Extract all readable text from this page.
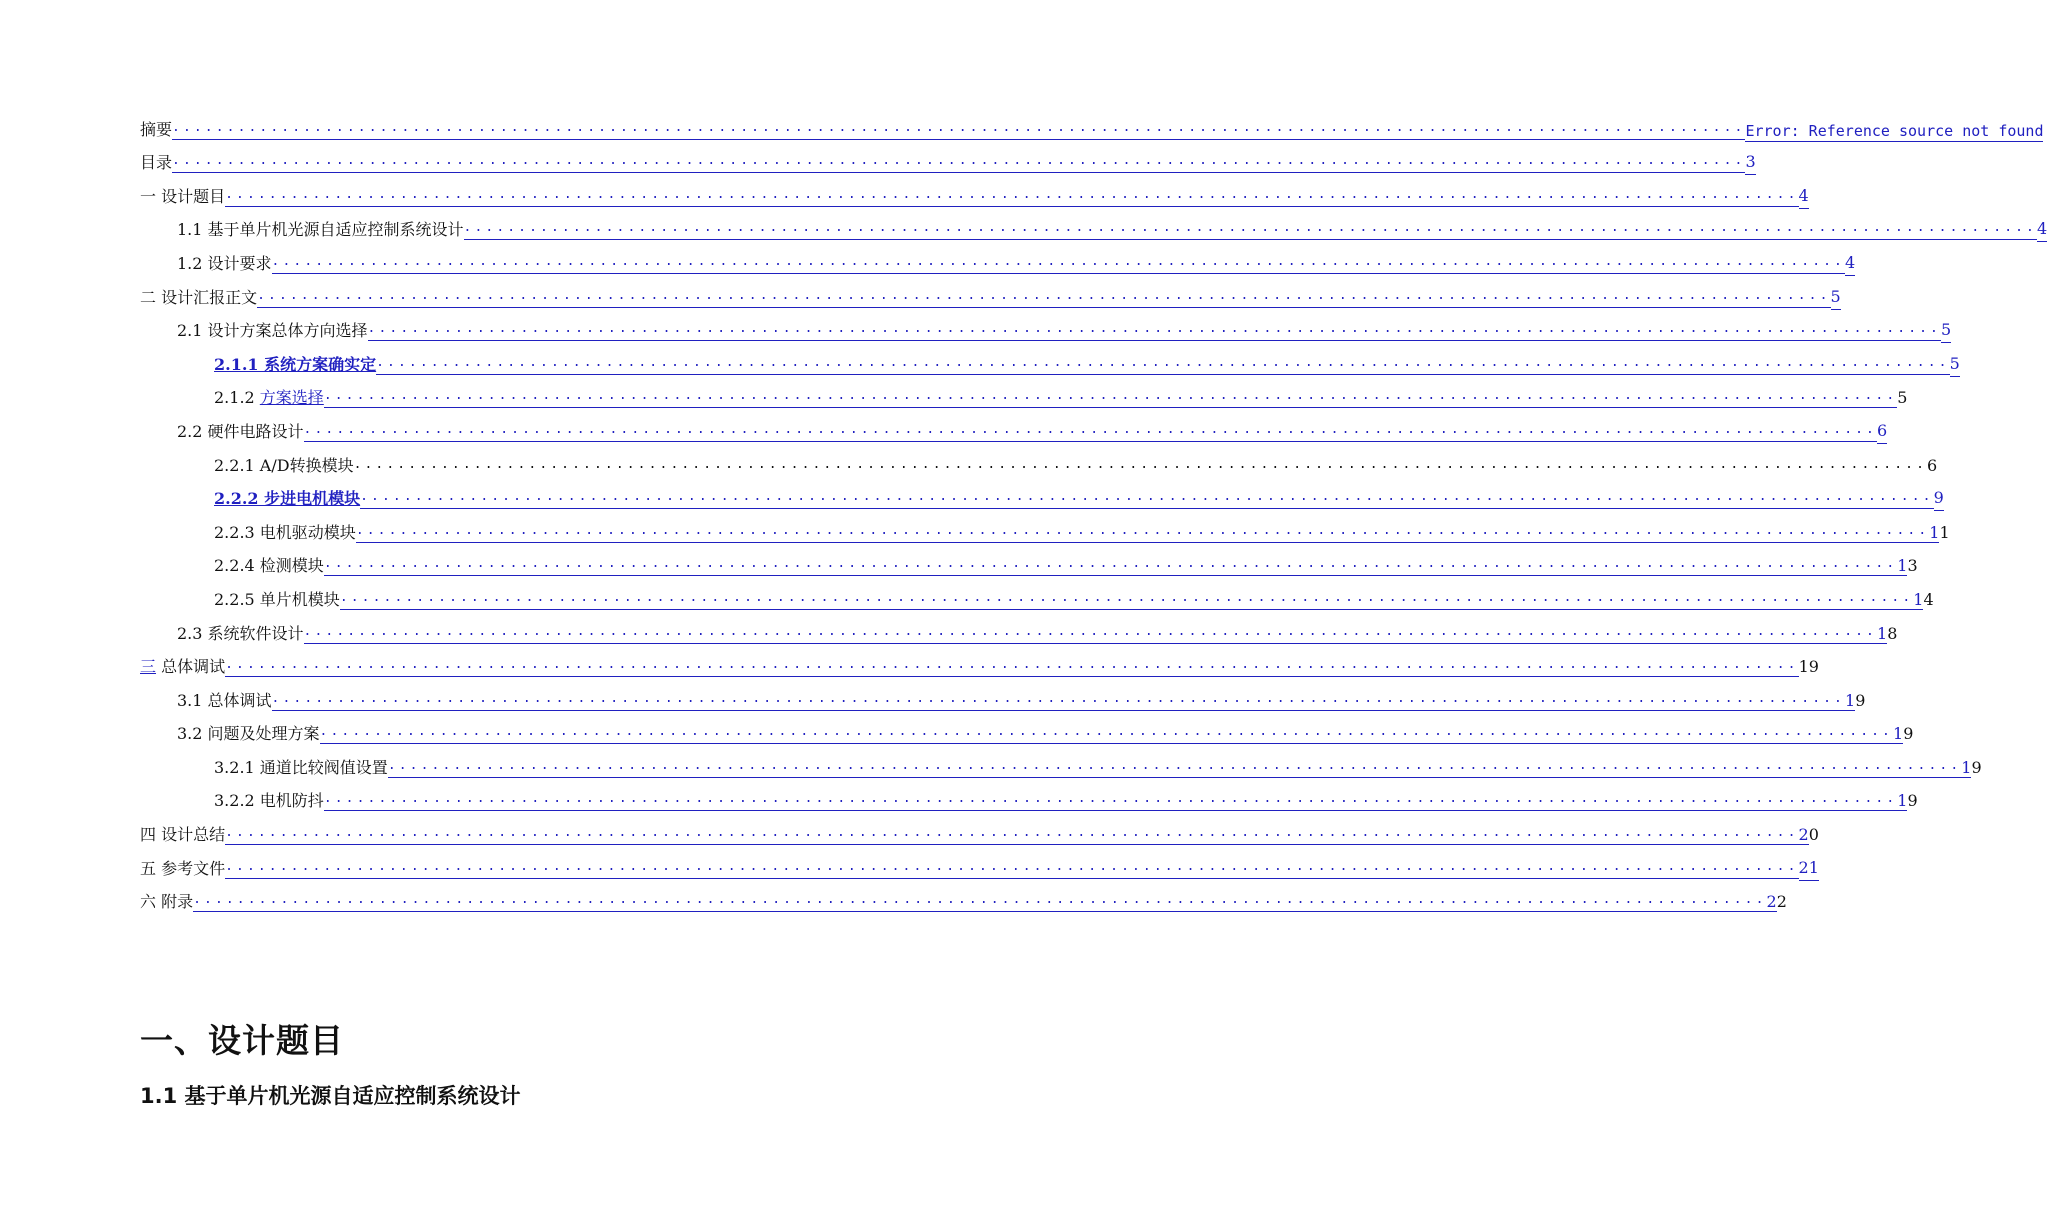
摘要 ................................................................................................................................................ Error: Reference source not found
目录 ................................................................................................................................................ 3
一 设计题目 ................................................................................................................................................ 4
1.1 基于单片机光源自适应控制系统设计 ................................................................................................................................................ 4
1.2 设计要求 ................................................................................................................................................ 4
二 设计汇报正文 ................................................................................................................................................ 5
2.1 设计方案总体方向选择 ................................................................................................................................................ 5
2.1.1 系统方案确实定 ................................................................................................................................................ 5
2.1.2 方案选择 ................................................................................................................................................ 5
2.2 硬件电路设计 ................................................................................................................................................ 6
2.2.1 A/D转换模块 ................................................................................................................................................ 6
2.2.2 步进电机模块 ................................................................................................................................................ 9
2.2.3 电机驱动模块 ................................................................................................................................................ 11
2.2.4 检测模块 ................................................................................................................................................ 13
2.2.5 单片机模块 ................................................................................................................................................ 14
2.3 系统软件设计 ................................................................................................................................................ 18
三 总体调试 ................................................................................................................................................ 19
3.1 总体调试 ................................................................................................................................................ 19
3.2 问题及处理方案 ................................................................................................................................................ 19
3.2.1 通道比较阀值设置 ................................................................................................................................................ 19
3.2.2 电机防抖 ................................................................................................................................................ 19
四 设计总结 ................................................................................................................................................ 20
五 参考文件 ................................................................................................................................................ 21
六 附录 ................................................................................................................................................ 22
一、设计题目
1.1 基于单片机光源自适应控制系统设计
